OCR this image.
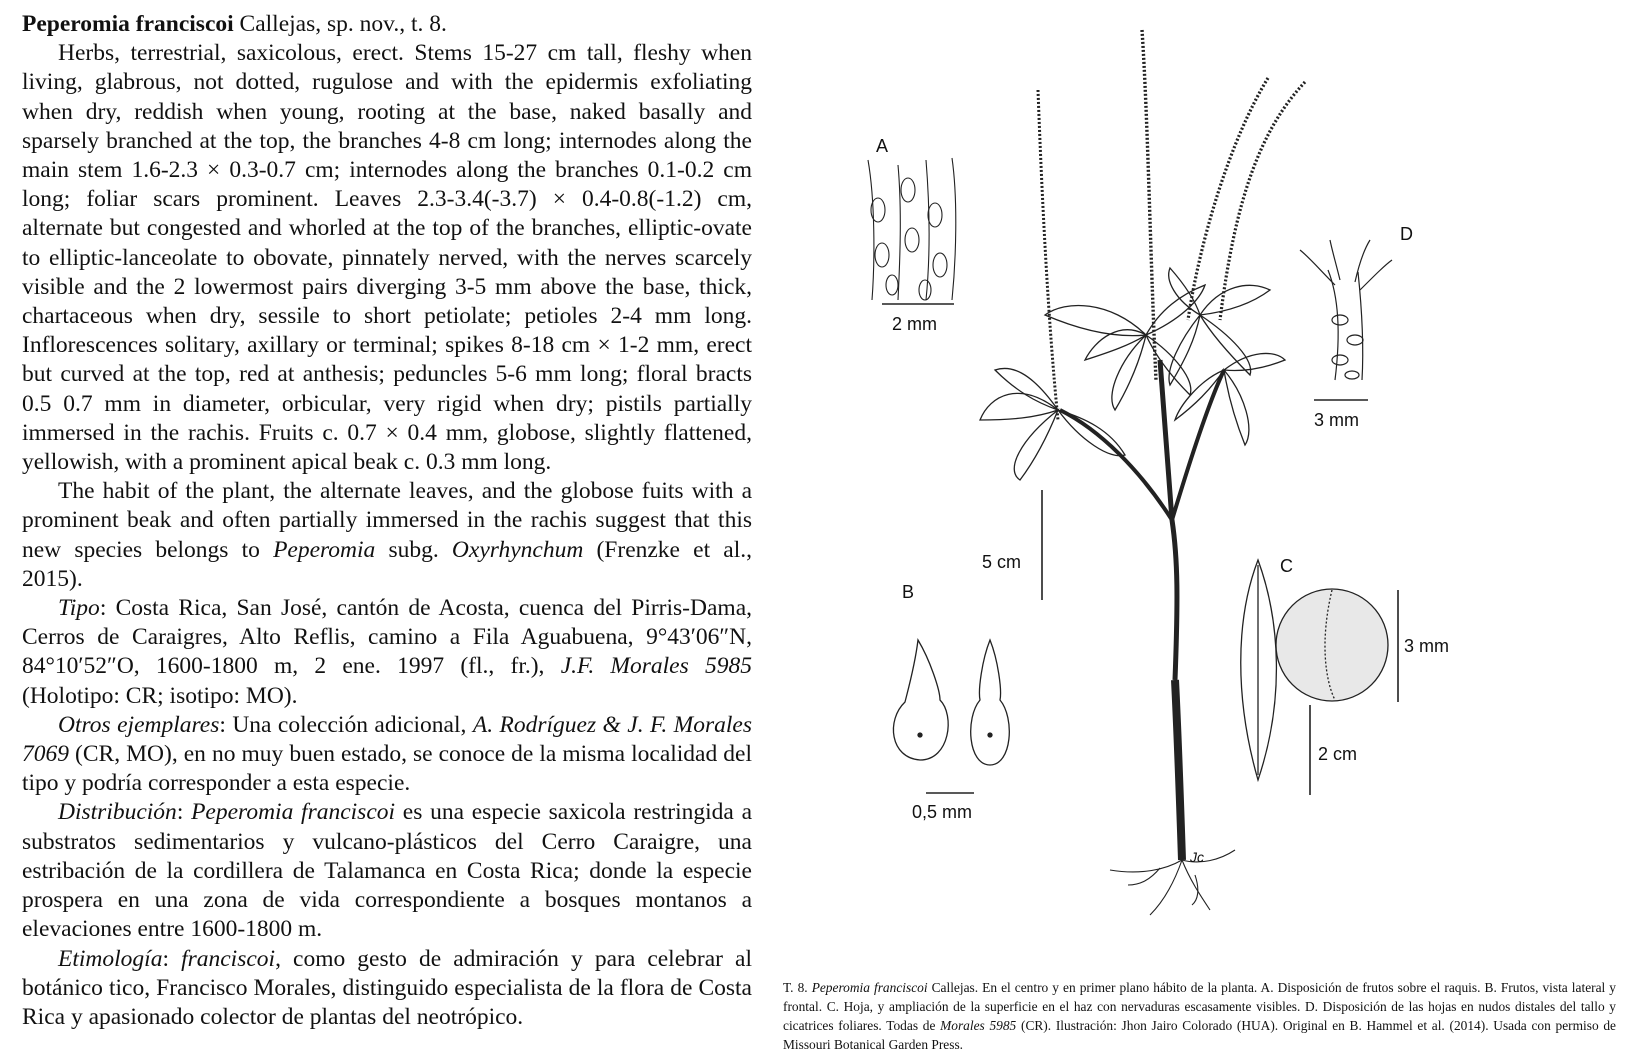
Peperomia franciscoi Callejas, sp. nov., t. 8.

Herbs, terrestrial, saxicolous, erect. Stems 15-27 cm tall, fleshy when living, glabrous, not dotted, rugulose and with the epidermis exfoliating when dry, reddish when young, rooting at the base, naked basally and sparsely branched at the top, the branches 4-8 cm long; internodes along the main stem 1.6-2.3 × 0.3-0.7 cm; internodes along the branches 0.1-0.2 cm long; foliar scars prominent. Leaves 2.3-3.4(-3.7) × 0.4-0.8(-1.2) cm, alternate but congested and whorled at the top of the branches, elliptic-ovate to elliptic-lanceolate to obovate, pinnately nerved, with the nerves scarcely visible and the 2 lowermost pairs diverging 3-5 mm above the base, thick, chartaceous when dry, sessile to short petiolate; petioles 2-4 mm long. Inflorescences solitary, axillary or terminal; spikes 8-18 cm × 1-2 mm, erect but curved at the top, red at anthesis; peduncles 5-6 mm long; floral bracts 0.5 0.7 mm in diameter, orbicular, very rigid when dry; pistils partially immersed in the rachis. Fruits c. 0.7 × 0.4 mm, globose, slightly flattened, yellowish, with a prominent apical beak c. 0.3 mm long.

The habit of the plant, the alternate leaves, and the globose fuits with a prominent beak and often partially immersed in the rachis suggest that this new species belongs to Peperomia subg. Oxyrhynchum (Frenzke et al., 2015).

Tipo: Costa Rica, San José, cantón de Acosta, cuenca del Pirris-Dama, Cerros de Caraigres, Alto Reflis, camino a Fila Aguabuena, 9°43′06″N, 84°10′52″O, 1600-1800 m, 2 ene. 1997 (fl., fr.), J.F. Morales 5985 (Holotipo: CR; isotipo: MO).

Otros ejemplares: Una colección adicional, A. Rodríguez & J. F. Morales 7069 (CR, MO), en no muy buen estado, se conoce de la misma localidad del tipo y podría corresponder a esta especie.

Distribución: Peperomia franciscoi es una especie saxicola restringida a substratos sedimentarios y vulcano-plásticos del Cerro Caraigre, una estribación de la cordillera de Talamanca en Costa Rica; donde la especie prospera en una zona de vida correspondiente a bosques montanos a elevaciones entre 1600-1800 m.

Etimología: franciscoi, como gesto de admiración y para celebrar al botánico tico, Francisco Morales, distinguido especialista de la flora de Costa Rica y apasionado colector de plantas del neotrópico.

Jc
5 cm
A
2 mm
B
0,5 mm
C
3 mm
2 cm
D
3 mm
T. 8. Peperomia franciscoi Callejas. En el centro y en primer plano hábito de la planta. A. Disposición de frutos sobre el raquis. B. Frutos, vista lateral y frontal. C. Hoja, y ampliación de la superficie en el haz con nervaduras escasamente visibles. D. Disposición de las hojas en nudos distales del tallo y cicatrices foliares. Todas de Morales 5985 (CR). Ilustración: Jhon Jairo Colorado (HUA). Original en B. Hammel et al. (2014). Usada con permiso de Missouri Botanical Garden Press.
